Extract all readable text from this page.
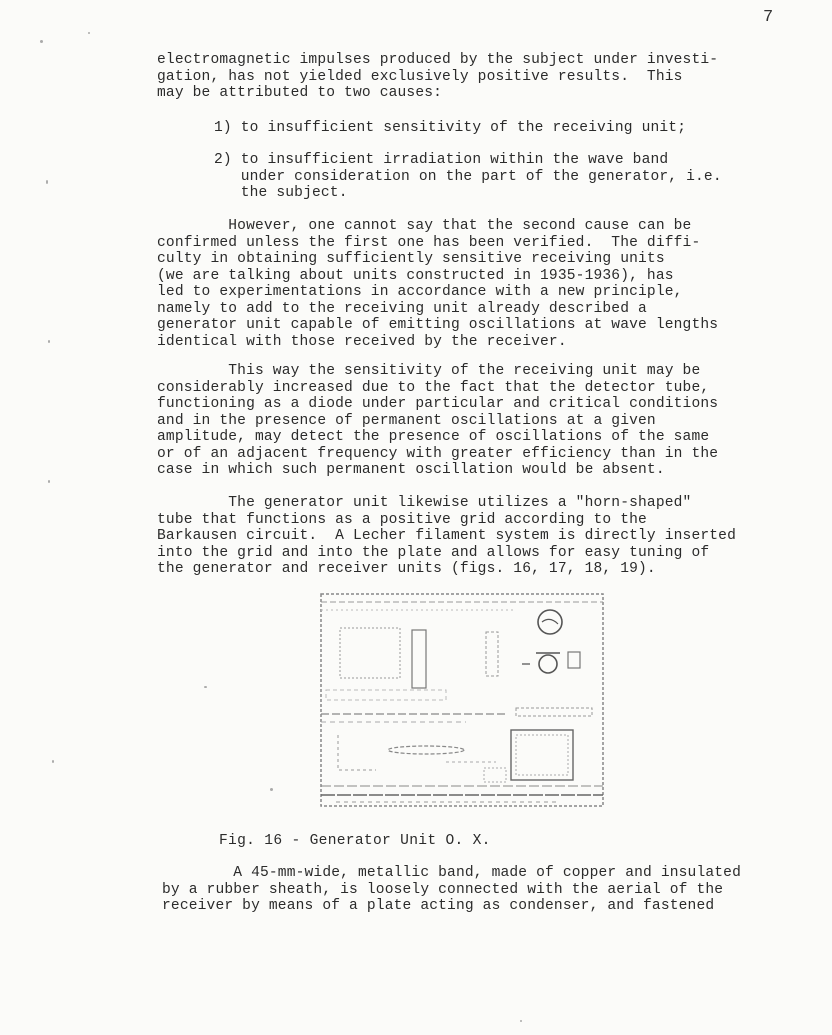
7

electromagnetic impulses produced by the subject under investi-
gation, has not yielded exclusively positive results.  This
may be attributed to two causes:

1) to insufficient sensitivity of the receiving unit;

2) to insufficient irradiation within the wave band
under consideration on the part of the generator, i.e.
the subject.

However, one cannot say that the second cause can be
confirmed unless the first one has been verified.  The diffi-
culty in obtaining sufficiently sensitive receiving units
(we are talking about units constructed in 1935-1936), has
led to experimentations in accordance with a new principle,
namely to add to the receiving unit already described a
generator unit capable of emitting oscillations at wave lengths
identical with those received by the receiver.

This way the sensitivity of the receiving unit may be
considerably increased due to the fact that the detector tube,
functioning as a diode under particular and critical conditions
and in the presence of permanent oscillations at a given
amplitude, may detect the presence of oscillations of the same
or of an adjacent frequency with greater efficiency than in the
case in which such permanent oscillation would be absent.

The generator unit likewise utilizes a "horn-shaped"
tube that functions as a positive grid according to the
Barkausen circuit.  A Lecher filament system is directly inserted
into the grid and into the plate and allows for easy tuning of
the generator and receiver units (figs. 16, 17, 18, 19).

Fig. 16 - Generator Unit O. X.

A 45-mm-wide, metallic band, made of copper and insulated
by a rubber sheath, is loosely connected with the aerial of the
receiver by means of a plate acting as condenser, and fastened
